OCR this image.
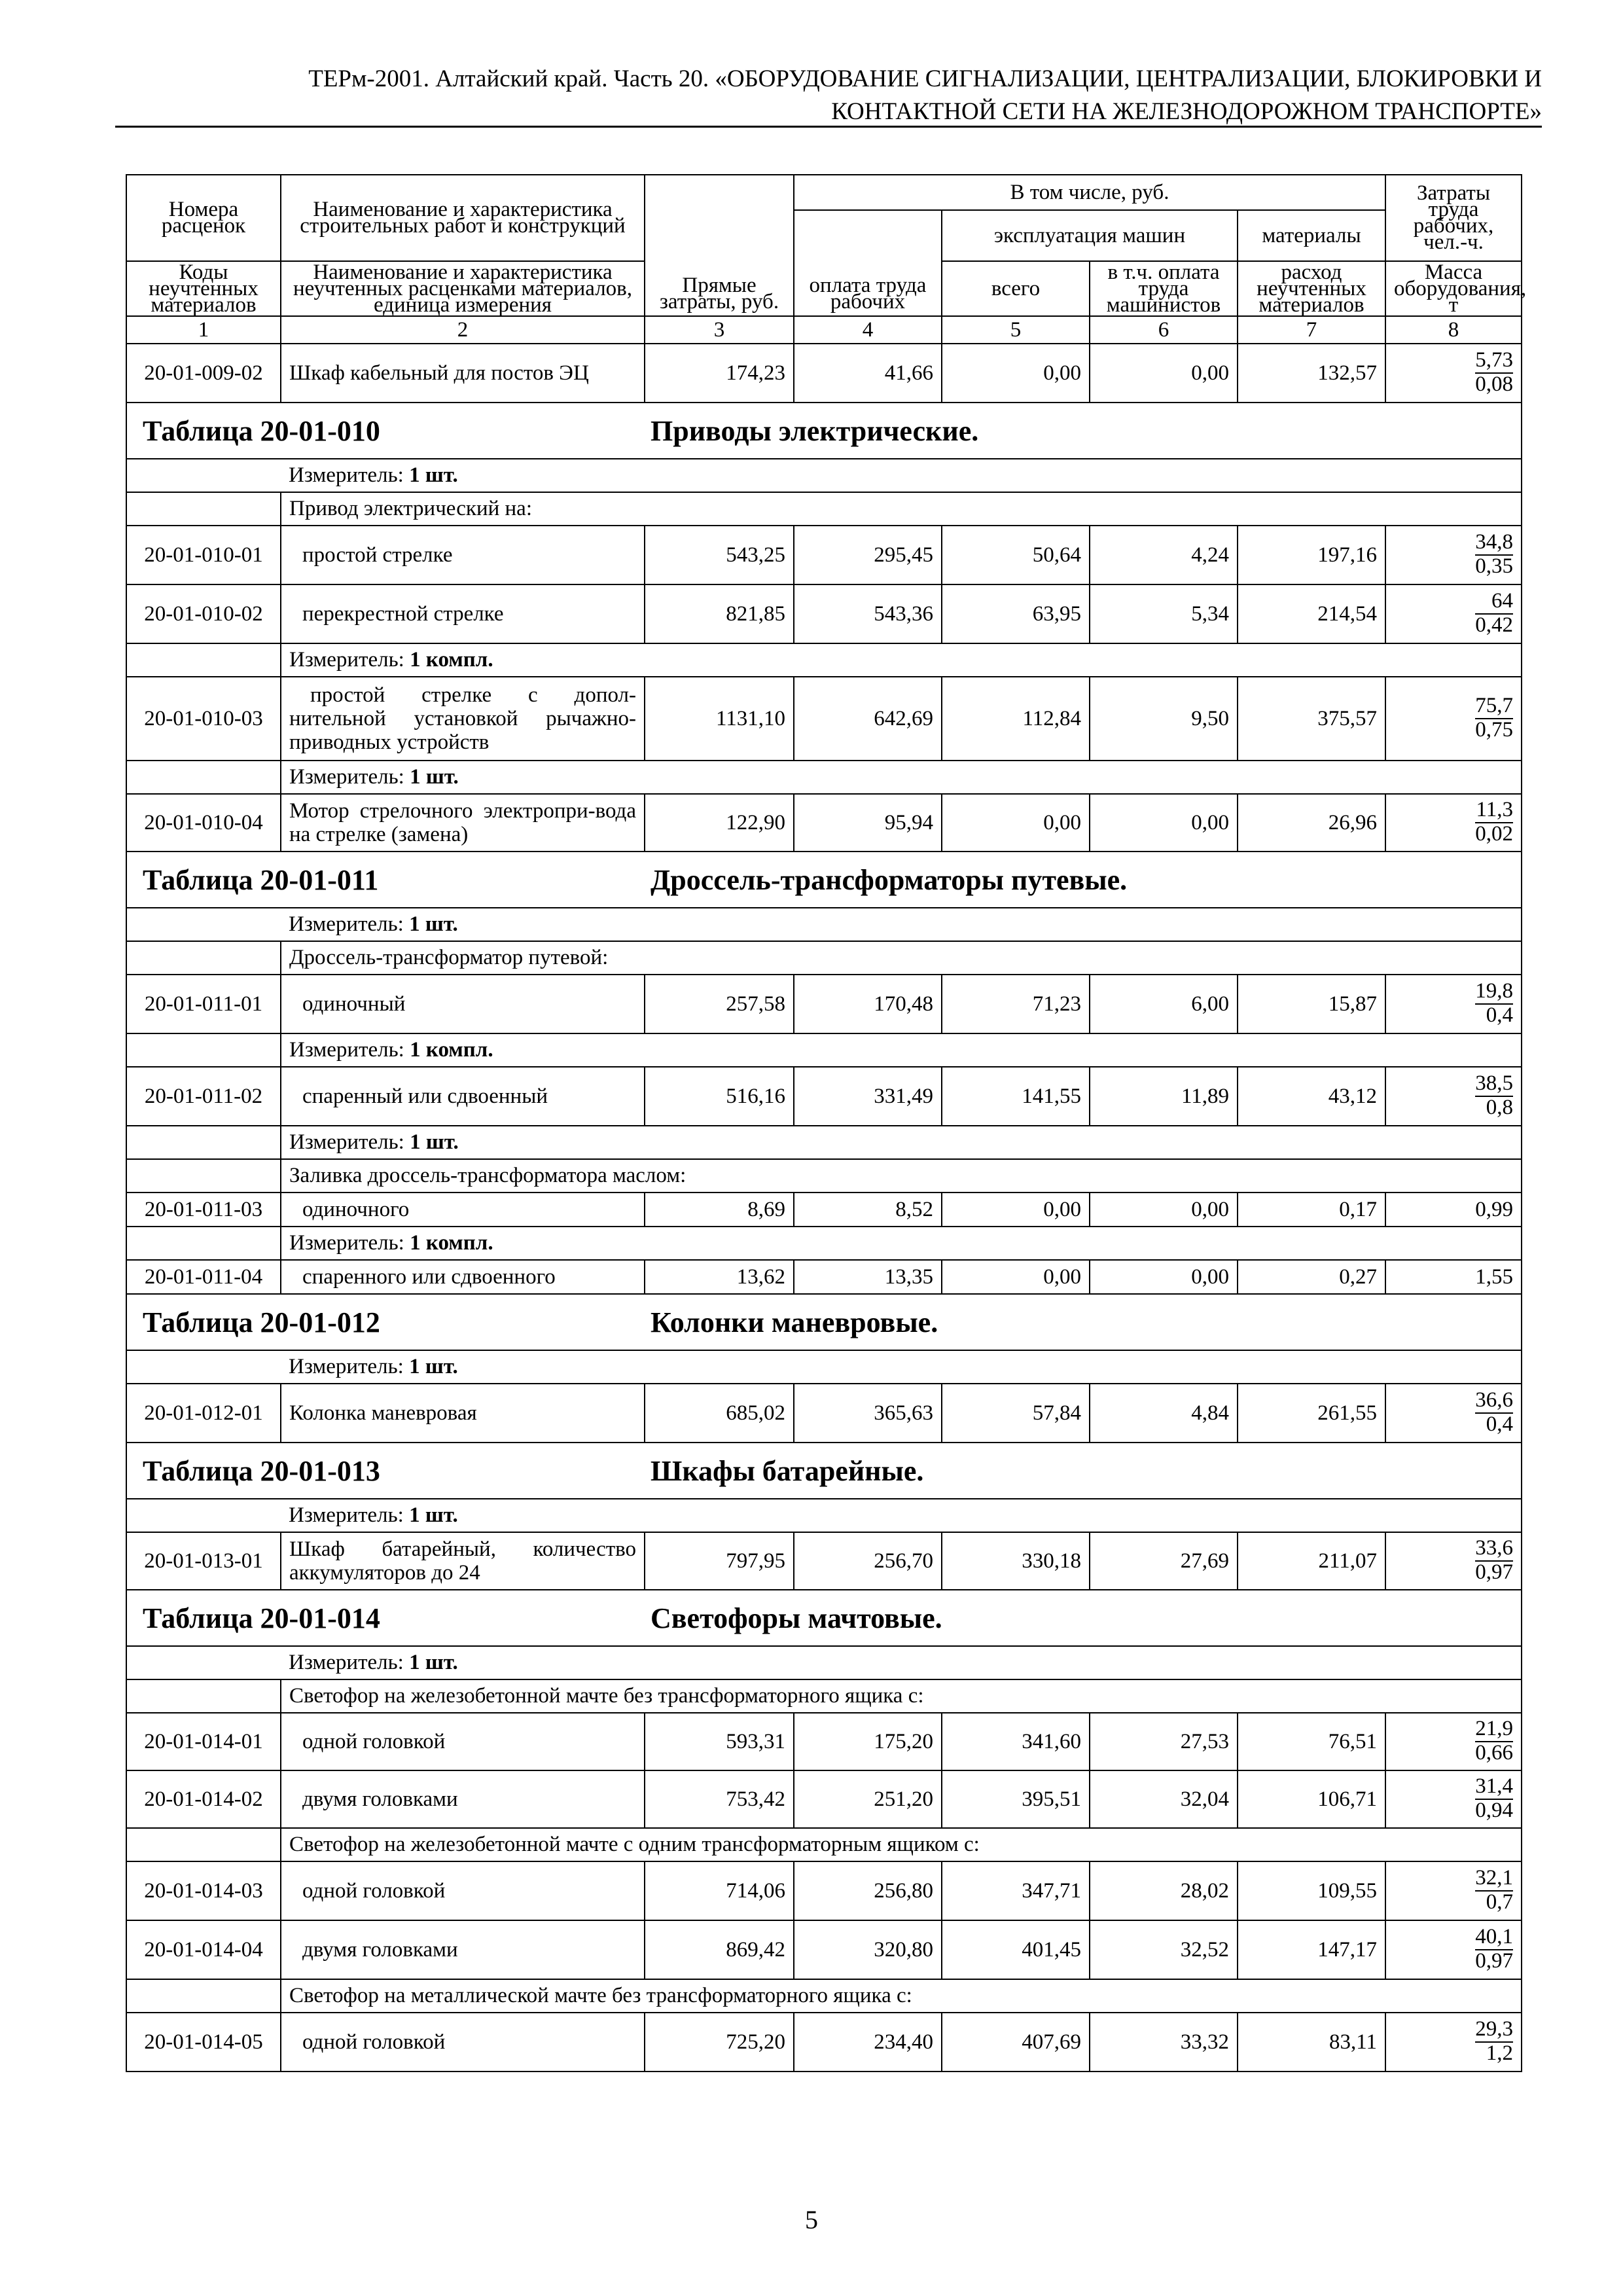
ТЕРм-2001. Алтайский край. Часть 20. «ОБОРУДОВАНИЕ СИГНАЛИЗАЦИИ, ЦЕНТРАЛИЗАЦИИ, БЛОКИРОВКИ И
КОНТАКТНОЙ СЕТИ НА ЖЕЛЕЗНОДОРОЖНОМ ТРАНСПОРТЕ»
Номера расценок	Наименование и характеристика строительных работ и конструкций	Прямые затраты, руб.	В том числе, руб.				Затраты труда рабочих, чел.-ч.
			оплата труда рабочих	эксплуатация машин		материалы	
Коды неучтенных материалов	Наименование и характеристика неучтенных расценками материалов, единица измерения			всего	в т.ч. оплата труда машинистов	расход неучтенных материалов	Масса оборудования, т
1	2	3	4	5	6	7	8
20-01-009-02	Шкаф кабельный для постов ЭЦ	174,23	41,66	0,00	0,00	132,57	$\frac{5,73}{0,08}$

Таблица 20-01-010 Приводы электрические.							
	Измеритель: 1 шт.						
	Привод электрический на:						
20-01-010-01	простой стрелке	543,25	295,45	50,64	4,24	197,16	$\frac{34,8}{0,35}$

20-01-010-02	перекрестной стрелке	821,85	543,36	63,95	5,34	214,54	$\frac{64}{0,42}$

	Измеритель: 1 компл.						
20-01-010-03	простой стрелке с допол-нительной установкой рычажно-приводных устройств	1131,10	642,69	112,84	9,50	375,57	$\frac{75,7}{0,75}$

	Измеритель: 1 шт.						
20-01-010-04	Мотор стрелочного электропри-вода на стрелке (замена)	122,90	95,94	0,00	0,00	26,96	$\frac{11,3}{0,02}$

Таблица 20-01-011 Дроссель-трансформаторы путевые.							
	Измеритель: 1 шт.						
	Дроссель-трансформатор путевой:						
20-01-011-01	одиночный	257,58	170,48	71,23	6,00	15,87	$\frac{19,8}{0,4}$

	Измеритель: 1 компл.						
20-01-011-02	спаренный или сдвоенный	516,16	331,49	141,55	11,89	43,12	$\frac{38,5}{0,8}$

	Измеритель: 1 шт.						
	Заливка дроссель-трансформатора маслом:						
20-01-011-03	одиночного	8,69	8,52	0,00	0,00	0,17	0,99
	Измеритель: 1 компл.						
20-01-011-04	спаренного или сдвоенного	13,62	13,35	0,00	0,00	0,27	1,55
Таблица 20-01-012 Колонки маневровые.							
	Измеритель: 1 шт.						
20-01-012-01	Колонка маневровая	685,02	365,63	57,84	4,84	261,55	$\frac{36,6}{0,4}$

Таблица 20-01-013 Шкафы батарейные.							
	Измеритель: 1 шт.						
20-01-013-01	Шкаф батарейный, количество аккумуляторов до 24	797,95	256,70	330,18	27,69	211,07	$\frac{33,6}{0,97}$

Таблица 20-01-014 Светофоры мачтовые.							
	Измеритель: 1 шт.						
	Светофор на железобетонной мачте без трансформаторного ящика с:						
20-01-014-01	одной головкой	593,31	175,20	341,60	27,53	76,51	$\frac{21,9}{0,66}$

20-01-014-02	двумя головками	753,42	251,20	395,51	32,04	106,71	$\frac{31,4}{0,94}$

	Светофор на железобетонной мачте с одним трансформаторным ящиком с:						
20-01-014-03	одной головкой	714,06	256,80	347,71	28,02	109,55	$\frac{32,1}{0,7}$

20-01-014-04	двумя головками	869,42	320,80	401,45	32,52	147,17	$\frac{40,1}{0,97}$

	Светофор на металлической мачте без трансформаторного ящика с:						
20-01-014-05	одной головкой	725,20	234,40	407,69	33,32	83,11	$\frac{29,3}{1,2}$
5
